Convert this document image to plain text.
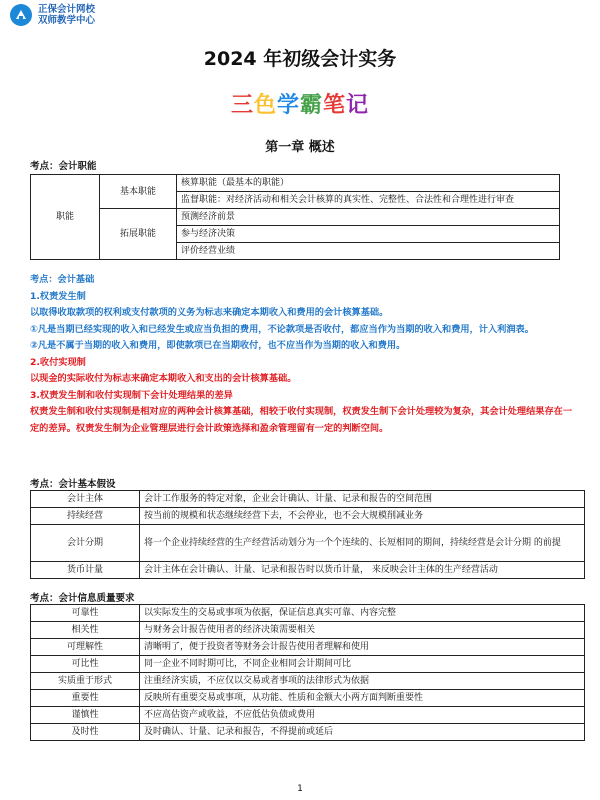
正保会计网校
双师教学中心
2024 年初级会计实务
三色学霸笔记
第一章 概述
考点：会计职能
职能	基本职能	核算职能（最基本的职能）
		监督职能：对经济活动和相关会计核算的真实性、完整性、合法性和合理性进行审查
	拓展职能	预测经济前景
		参与经济决策
		评价经营业绩

考点：会计基础

1.权责发生制

以取得收取款项的权利或支付款项的义务为标志来确定本期收入和费用的会计核算基础。

①凡是当期已经实现的收入和已经发生或应当负担的费用，不论款项是否收付，都应当作为当期的收入和费用，计入利润表。

②凡是不属于当期的收入和费用，即使款项已在当期收付，也不应当作为当期的收入和费用。

2.收付实现制

以现金的实际收付为标志来确定本期收入和支出的会计核算基础。

3.权责发生制和收付实现制下会计处理结果的差异

权责发生制和收付实现制是相对应的两种会计核算基础，相较于收付实现制，权责发生制下会计处理较为复杂，其会计处理结果存在一定的差异。权责发生制为企业管理层进行会计政策选择和盈余管理留有一定的判断空间。

考点：会计基本假设
会计主体	会计工作服务的特定对象，企业会计确认、计量、记录和报告的空间范围
持续经营	按当前的规模和状态继续经营下去，不会停业，也不会大规模削减业务
会计分期	将一个企业持续经营的生产经营活动划分为一个个连续的、长短相同的期间，持续经营是会计分期 的前提
货币计量	会计主体在会计确认、计量、记录和报告时以货币计量， 来反映会计主体的生产经营活动
考点：会计信息质量要求
可靠性	以实际发生的交易或事项为依据，保证信息真实可靠、内容完整
相关性	与财务会计报告使用者的经济决策需要相关
可理解性	清晰明了，便于投资者等财务会计报告使用者理解和使用
可比性	同一企业不同时期可比，不同企业相同会计期间可比
实质重于形式	注重经济实质，不应仅以交易或者事项的法律形式为依据
重要性	反映所有重要交易或事项，从功能、性质和金额大小两方面判断重要性
谨慎性	不应高估资产或收益，不应低估负债或费用
及时性	及时确认、计量、记录和报告，不得提前或延后
1
